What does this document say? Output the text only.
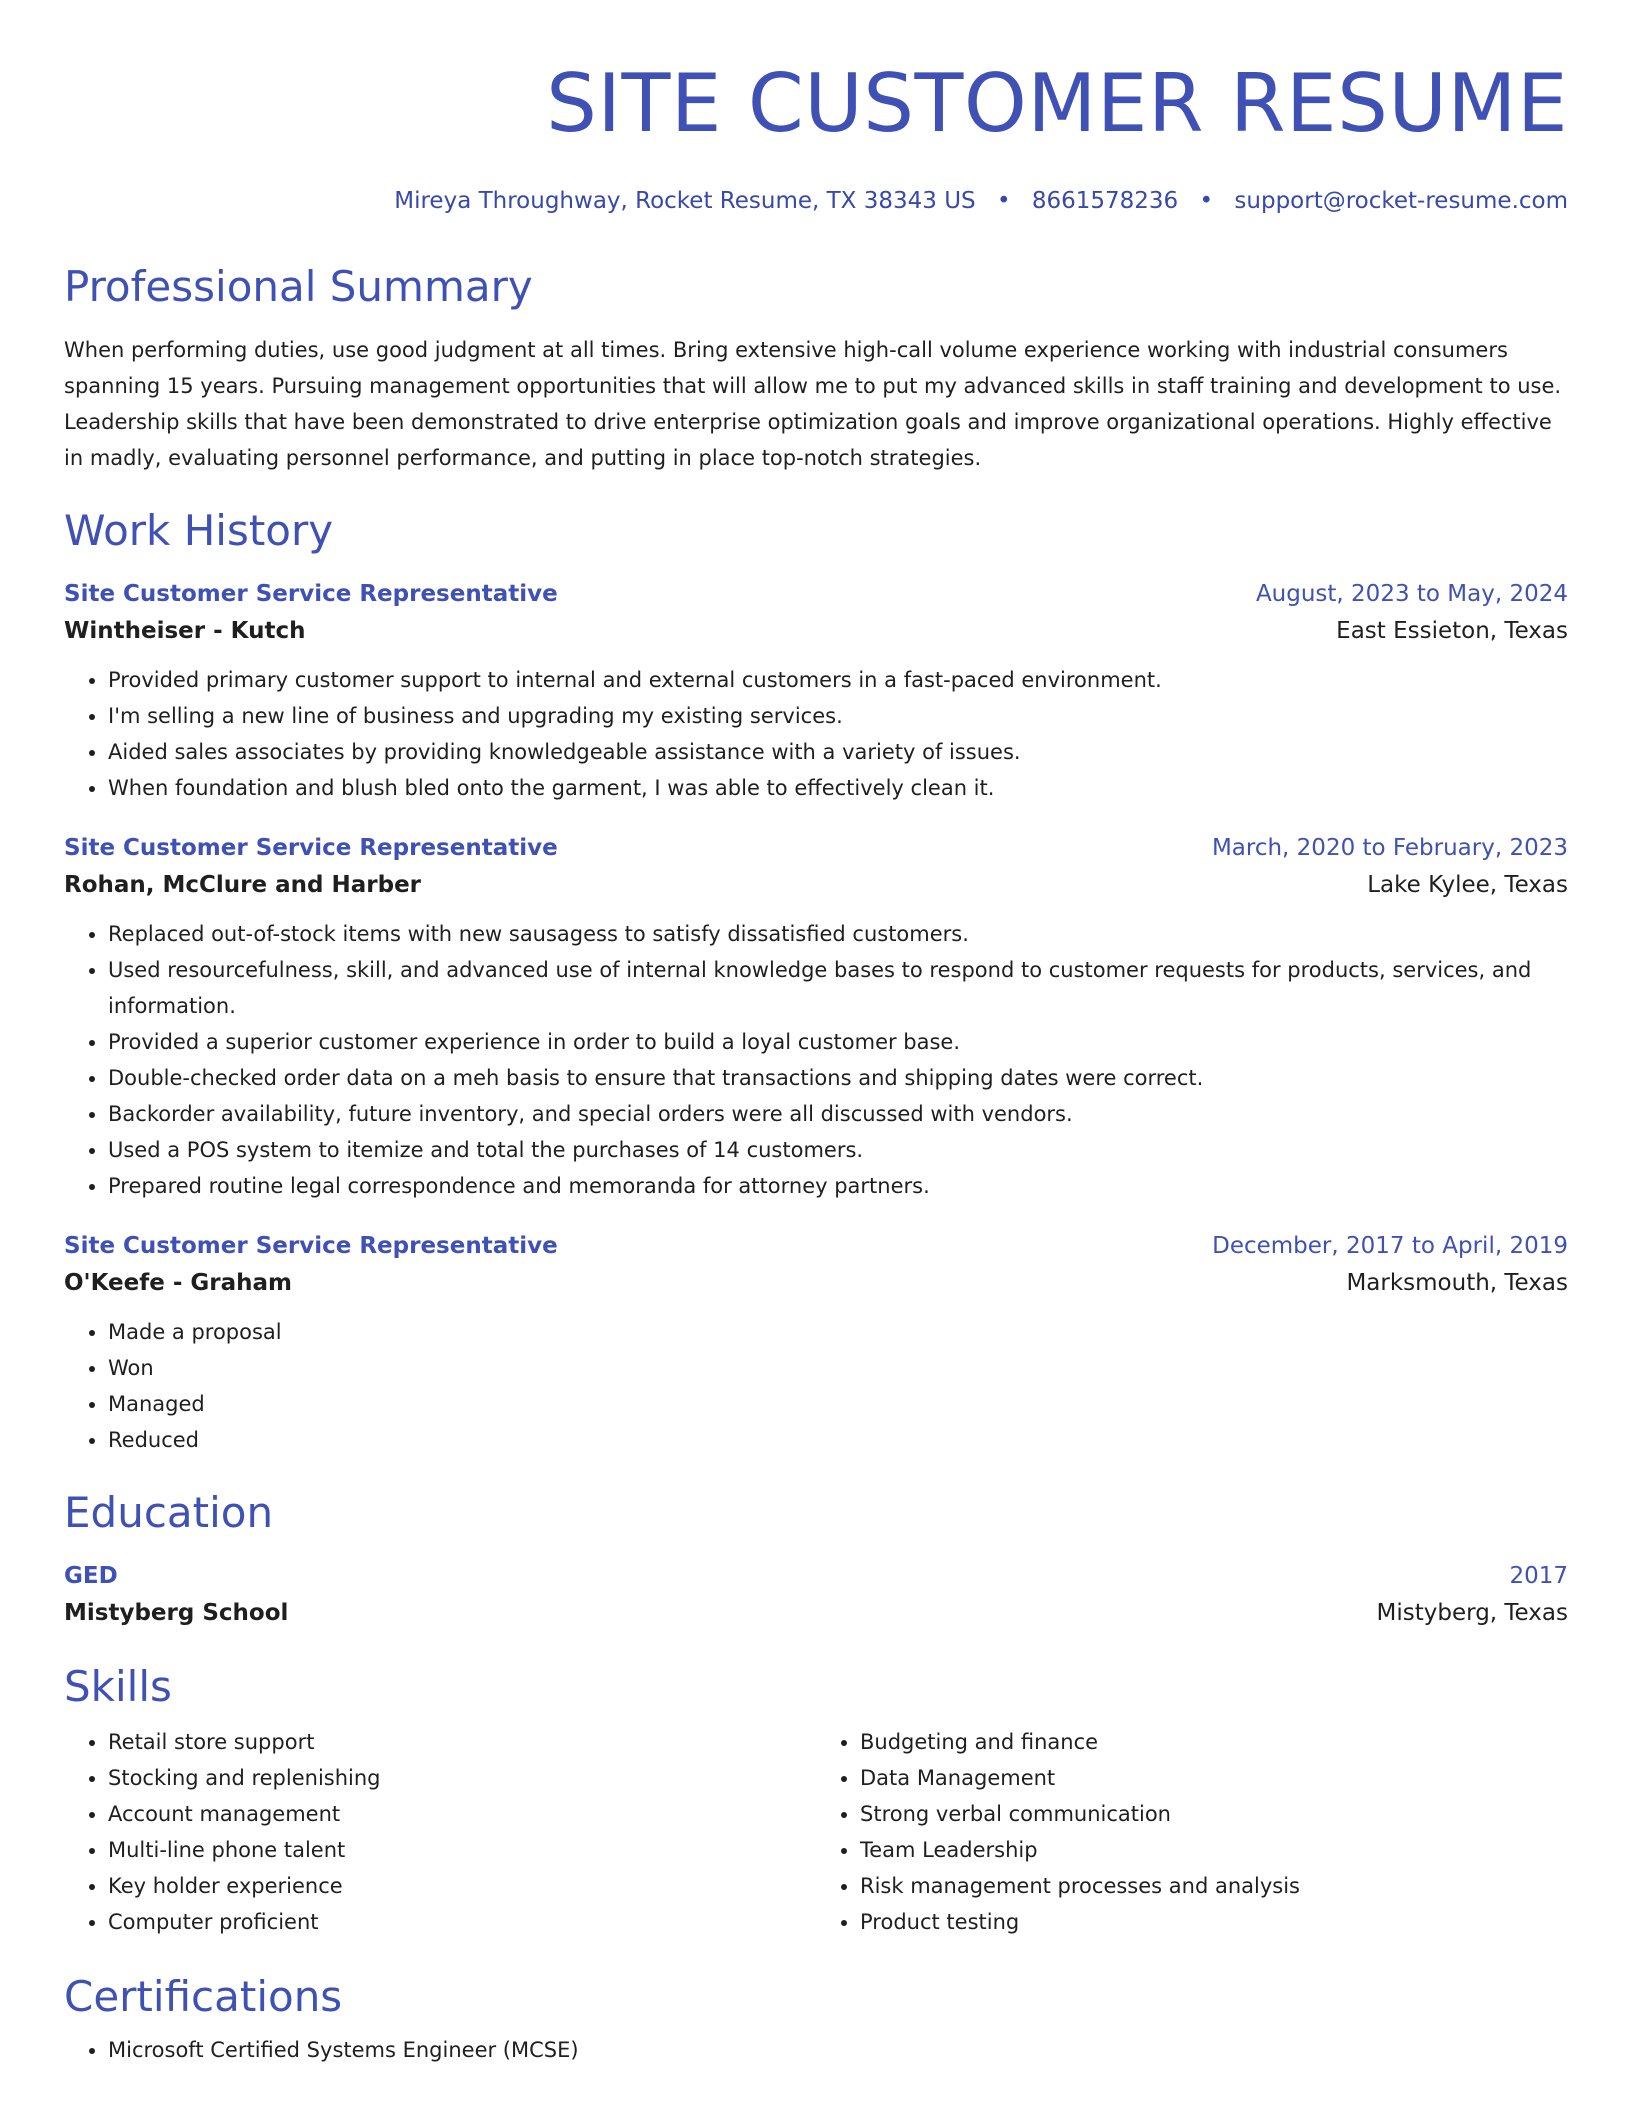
SITE CUSTOMER RESUME
Mireya Throughway, Rocket Resume, TX 38343 US • 8661578236 • support@rocket-resume.com
Professional Summary
When performing duties, use good judgment at all times. Bring extensive high-call volume experience working with industrial consumers spanning 15 years. Pursuing management opportunities that will allow me to put my advanced skills in staff training and development to use. Leadership skills that have been demonstrated to drive enterprise optimization goals and improve organizational operations. Highly effective in madly, evaluating personnel performance, and putting in place top-notch strategies.
Work History
Site Customer Service Representative	August, 2023 to May, 2024
Wintheiser - Kutch	East Essieton, Texas
• Provided primary customer support to internal and external customers in a fast-paced environment.
• I'm selling a new line of business and upgrading my existing services.
• Aided sales associates by providing knowledgeable assistance with a variety of issues.
• When foundation and blush bled onto the garment, I was able to effectively clean it.
Site Customer Service Representative	March, 2020 to February, 2023
Rohan, McClure and Harber	Lake Kylee, Texas
• Replaced out-of-stock items with new sausagess to satisfy dissatisfied customers.
• Used resourcefulness, skill, and advanced use of internal knowledge bases to respond to customer requests for products, services, and information.
• Provided a superior customer experience in order to build a loyal customer base.
• Double-checked order data on a meh basis to ensure that transactions and shipping dates were correct.
• Backorder availability, future inventory, and special orders were all discussed with vendors.
• Used a POS system to itemize and total the purchases of 14 customers.
• Prepared routine legal correspondence and memoranda for attorney partners.
Site Customer Service Representative	December, 2017 to April, 2019
O'Keefe - Graham	Marksmouth, Texas
• Made a proposal
• Won
• Managed
• Reduced
Education
GED	2017
Mistyberg School	Mistyberg, Texas
Skills
• Retail store support
• Stocking and replenishing
• Account management
• Multi-line phone talent
• Key holder experience
• Computer proficient
• Budgeting and finance
• Data Management
• Strong verbal communication
• Team Leadership
• Risk management processes and analysis
• Product testing
Certifications
• Microsoft Certified Systems Engineer (MCSE)
